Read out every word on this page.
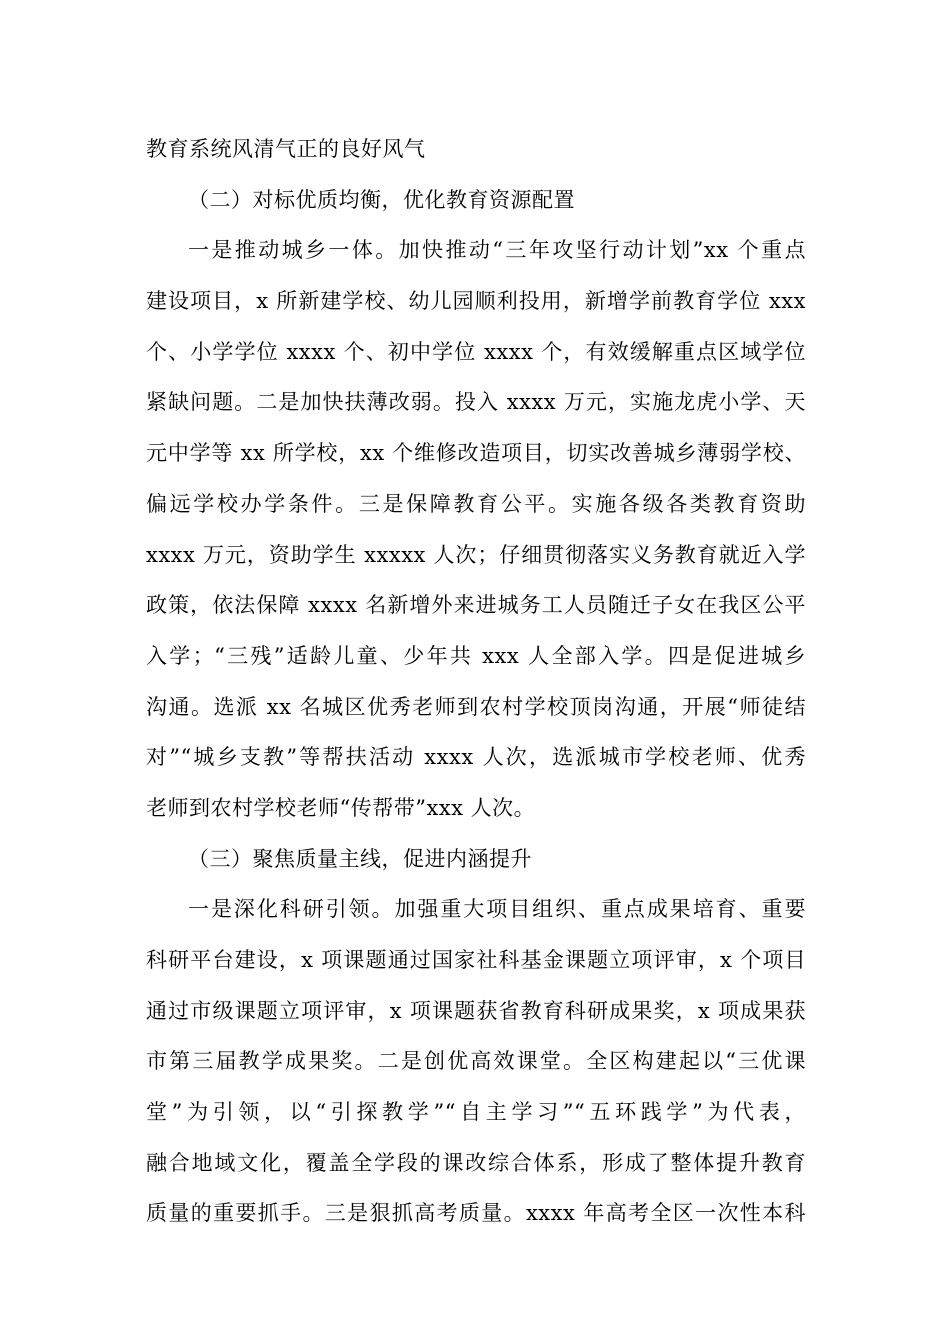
教育系统风清气正的良好风气
（二）对标优质均衡，优化教育资源配置
一是推动城乡一体。加快推动“三年攻坚行动计划”xx 个重点
建设项目，x 所新建学校、幼儿园顺利投用，新增学前教育学位 xxx
个、小学学位 xxxx 个、初中学位 xxxx 个，有效缓解重点区域学位
紧缺问题。二是加快扶薄改弱。投入 xxxx 万元，实施龙虎小学、天
元中学等 xx 所学校，xx 个维修改造项目，切实改善城乡薄弱学校、
偏远学校办学条件。三是保障教育公平。实施各级各类教育资助
xxxx 万元，资助学生 xxxxx 人次；仔细贯彻落实义务教育就近入学
政策，依法保障 xxxx 名新增外来进城务工人员随迁子女在我区公平
入学；“三残”适龄儿童、少年共 xxx 人全部入学。四是促进城乡
沟通。选派 xx 名城区优秀老师到农村学校顶岗沟通，开展“师徒结
对”“城乡支教”等帮扶活动 xxxx 人次，选派城市学校老师、优秀
老师到农村学校老师“传帮带”xxx 人次。
（三）聚焦质量主线，促进内涵提升
一是深化科研引领。加强重大项目组织、重点成果培育、重要
科研平台建设，x 项课题通过国家社科基金课题立项评审，x 个项目
通过市级课题立项评审，x 项课题获省教育科研成果奖，x 项成果获
市第三届教学成果奖。二是创优高效课堂。全区构建起以“三优课
堂”为引领，以“引探教学”“自主学习”“五环践学”为代表，
融合地域文化，覆盖全学段的课改综合体系，形成了整体提升教育
质量的重要抓手。三是狠抓高考质量。xxxx 年高考全区一次性本科
